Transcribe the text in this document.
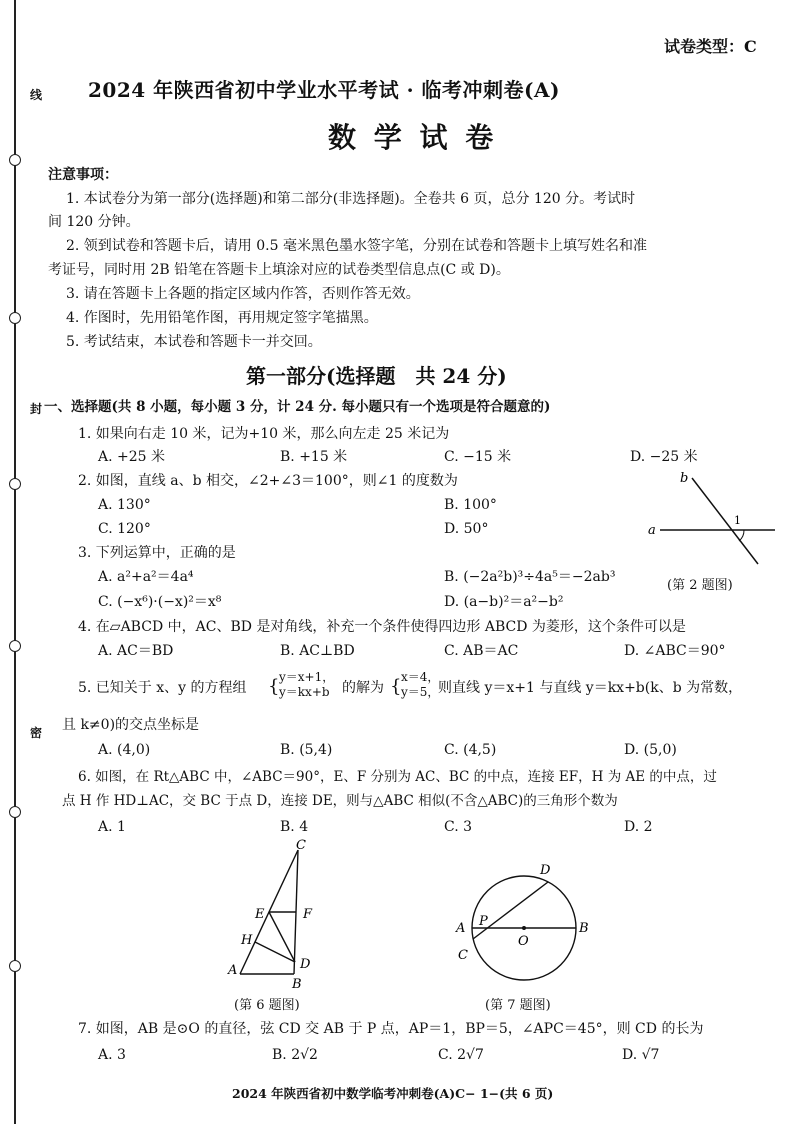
线
封
密
试卷类型：C
2024 年陕西省初中学业水平考试 · 临考冲刺卷(A)
数 学 试 卷
注意事项：
1. 本试卷分为第一部分(选择题)和第二部分(非选择题)。全卷共 6 页，总分 120 分。考试时
间 120 分钟。
2. 领到试卷和答题卡后，请用 0.5 毫米黑色墨水签字笔，分别在试卷和答题卡上填写姓名和准
考证号，同时用 2B 铅笔在答题卡上填涂对应的试卷类型信息点(C 或 D)。
3. 请在答题卡上各题的指定区域内作答，否则作答无效。
4. 作图时，先用铅笔作图，再用规定签字笔描黑。
5. 考试结束，本试卷和答题卡一并交回。
第一部分(选择题　共 24 分)
一、选择题(共 8 小题，每小题 3 分，计 24 分. 每小题只有一个选项是符合题意的)
1. 如果向右走 10 米，记为+10 米，那么向左走 25 米记为
A. +25 米	B. +15 米	C. −15 米	D. −25 米
2. 如图，直线 a、b 相交，∠2+∠3＝100°，则∠1 的度数为
A. 130°	B. 100°
C. 120°	D. 50°	a
b
1
(第 2 题图)
3. 下列运算中，正确的是
A. a²+a²＝4a⁴	B. (−2a²b)³÷4a⁵＝−2ab³
C. (−x⁶)·(−x)²＝x⁸	D. (a−b)²＝a²−b²
4. 在▱ABCD 中，AC、BD 是对角线，补充一个条件使得四边形 ABCD 为菱形，这个条件可以是
A. AC＝BD	B. AC⊥BD	C. AB＝AC	D. ∠ABC＝90°
5. 已知关于 x、y 的方程组 { y＝x+1，
y＝kx+b 的解为 { x＝4，
y＝5，
则直线 y＝x+1 与直线 y＝kx+b(k、b 为常数，
且 k≠0)的交点坐标是
A. (4,0)	B. (5,4)	C. (4,5)	D. (5,0)
6. 如图，在 Rt△ABC 中，∠ABC＝90°，E、F 分别为 AC、BC 的中点，连接 EF，H 为 AE 的中点，过
点 H 作 HD⊥AC，交 BC 于点 D，连接 DE，则与△ABC 相似(不含△ABC)的三角形个数为
A. 1	B. 4	C. 3	D. 2
A
B
C
D
E	F
H
(第 6 题图)
A	B
C
D
O
P
(第 7 题图)
7. 如图，AB 是⊙O 的直径，弦 CD 交 AB 于 P 点，AP＝1，BP＝5，∠APC＝45°，则 CD 的长为
A. 3	B. 2√2	C. 2√7	D. √7
2024 年陕西省初中数学临考冲刺卷(A)C− 1−(共 6 页)
